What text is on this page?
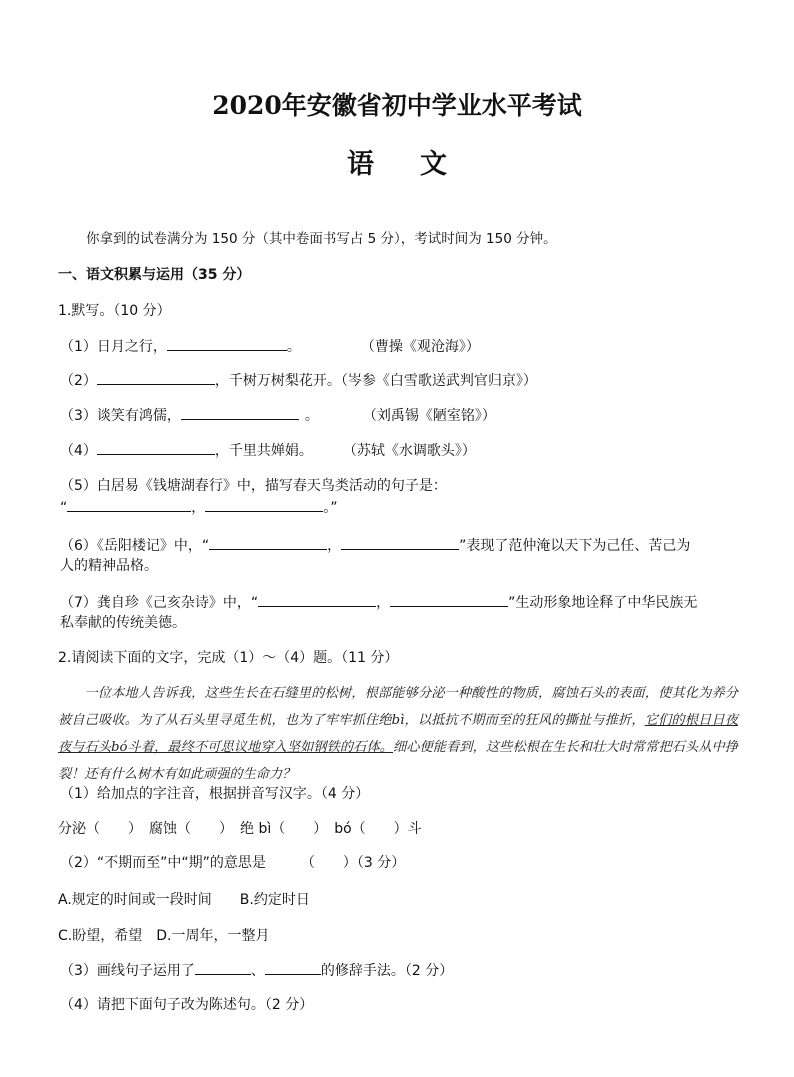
2020年安徽省初中学业水平考试
语 文
你拿到的试卷满分为 150 分（其中卷面书写占 5 分），考试时间为 150 分钟。
一、语文积累与运用（35 分）
1.默写。（10 分）
（1）日月之行，	。	（曹操《观沧海》）
（2）	，千树万树梨花开。（岑参《白雪歌送武判官归京》）
（3）谈笑有鸿儒，	。	（刘禹锡《陋室铭》）
（4）	，千里共婵娟。 （苏轼《水调歌头》）
（5）白居易《钱塘湖春行》中，描写春天鸟类活动的句子是：
“	，	。”
（6）《岳阳楼记》中，“	，	”表现了范仲淹以天下为己任、苦己为
人的精神品格。
（7）龚自珍《己亥杂诗》中，“	，	”生动形象地诠释了中华民族无
私奉献的传统美德。
2.请阅读下面的文字，完成（1）～（4）题。（11 分）

一位本地人告诉我，这些生长在石缝里的松树，根部能够分泌一种酸性的物质，腐蚀石头的表面，使其化为养分被自己吸收。为了从石头里寻觅生机，也为了牢牢抓住绝bì，以抵抗不期而至的狂风的撕扯与推折，它们的根日日夜夜与石头bó斗着，最终不可思议地穿入坚如钢铁的石体。细心便能看到，这些松根在生长和壮大时常常把石头从中挣裂！还有什么树木有如此顽强的生命力？

（1）给加点的字注音，根据拼音写汉字。（4 分）
分泌（　　）　腐蚀（　　）　绝 bì（　　）　bó（　　）斗
（2）“不期而至”中“期”的意思是　　　（　　）（3 分）
A.规定的时间或一段时间　　B.约定时日
C.盼望，希望　D.一周年，一整月
（3）画线句子运用了	、	的修辞手法。（2 分）
（4）请把下面句子改为陈述句。（2 分）
